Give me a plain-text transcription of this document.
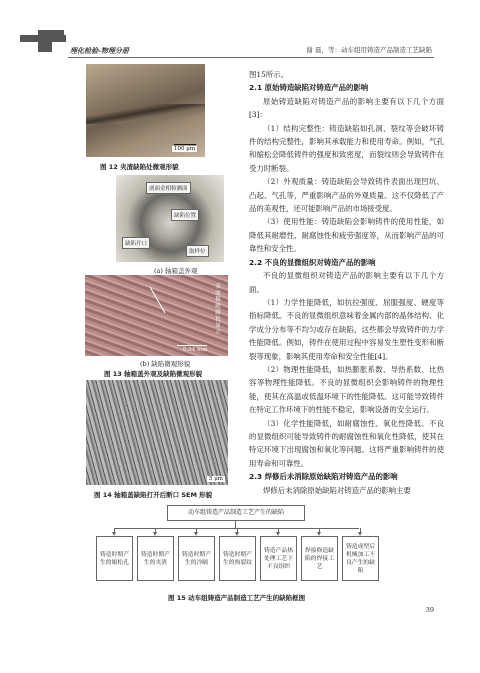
理化检验-物理分册	谢 磊，等：动车组用铸造产品制造工艺缺陷
100 μm
图 12 夹渣缺陷处微观形貌
剖面金相检测面
缺陷位置
缺陷开口
取样位
(a) 轴箱盖外观
表面稀疏疏松显示
0.04 mm
(b) 缺陷微观形貌
图 13 轴箱盖外观及缺陷微观形貌
5 μm
图 14 轴箱盖缺陷打开后断口 SEM 形貌
图15所示。
2.1 原始铸造缺陷对铸造产品的影响
原始铸造缺陷对铸造产品的影响主要有以下几个方面[3]：
（1）结构完整性：铸造缺陷如孔洞、裂纹等会破坏铸件的结构完整性，影响其承载能力和使用寿命。例如，气孔和缩松会降低铸件的强度和致密度，而裂纹则会导致铸件在受力时断裂。
（2）外观质量：铸造缺陷会导致铸件表面出现凹坑、凸起、气孔等，严重影响产品的外观质量。这不仅降低了产品的美观性，还可能影响产品的市场接受度。
（3）使用性能：铸造缺陷会影响铸件的使用性能，如降低其耐磨性、耐腐蚀性和疲劳强度等，从而影响产品的可靠性和安全性。
2.2 不良的显微组织对铸造产品的影响
不良的显微组织对铸造产品的影响主要有以下几个方面。
（1）力学性能降低，如抗拉强度、屈服强度、硬度等指标降低。不良的显微组织意味着金属内部的晶体结构、化学成分分布等不均匀或存在缺陷，这些都会导致铸件的力学性能降低。例如，铸件在使用过程中容易发生塑性变形和断裂等现象，影响其使用寿命和安全性能[4]。
（2）物理性能降低，如热膨胀系数、导热系数、比热容等物理性能降低。不良的显微组织会影响铸件的物理性能，使其在高温或低温环境下的性能降低。这可能导致铸件在特定工作环境下的性能不稳定，影响设备的安全运行。
（3）化学性能降低，如耐腐蚀性、氧化性降低。不良的显微组织可能导致铸件的耐腐蚀性和氧化性降低，使其在特定环境下出现腐蚀和氧化等问题。这将严重影响铸件的使用寿命和可靠性。
2.3 焊修后未消除原始缺陷对铸造产品的影响
焊修后未消除原始缺陷对铸造产品的影响主要
动车组铸造产品制造工艺产生的缺陷
铸造时期产生的缩松孔
铸造时期产生的夹渣
铸造时期产生的冷隔
铸造时期产生的热裂纹
铸造产品热处理工艺下不良组织
焊接修造缺陷的焊接工艺
铸造成型后机械加工不良产生的缺陷
图 15 动车组铸造产品制造工艺产生的缺陷框图
39
